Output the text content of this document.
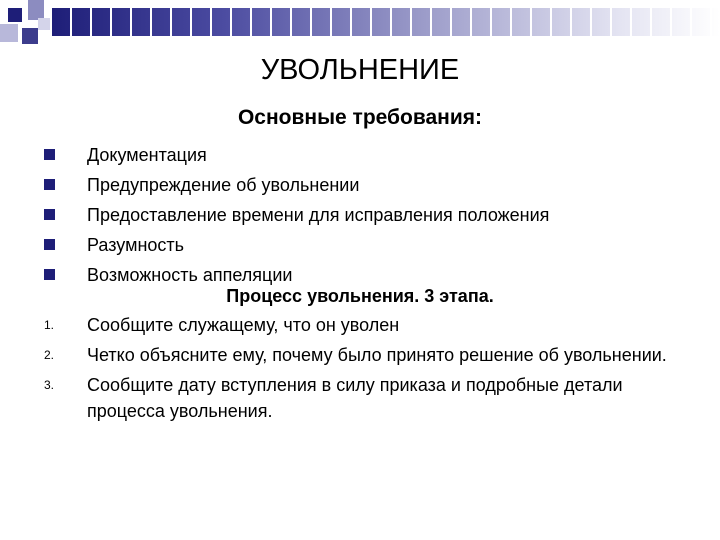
УВОЛЬНЕНИЕ
Основные требования:
Документация
Предупреждение об увольнении
Предоставление времени для исправления положения
Разумность
Возможность аппеляции
Процесс увольнения. 3 этапа.
1. Сообщите служащему, что он уволен
2. Четко объясните ему, почему было принято решение об увольнении.
3. Сообщите дату вступления в силу приказа и подробные детали процесса увольнения.
